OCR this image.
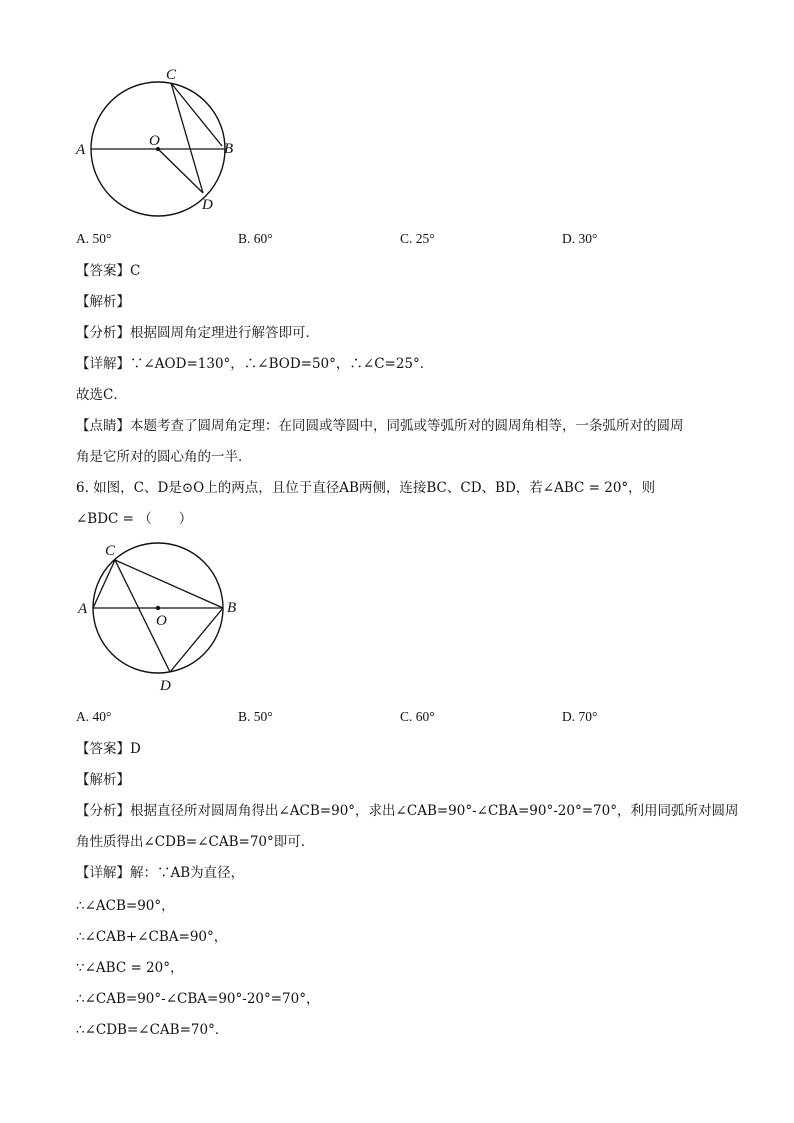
C
A
O	B
D
A. 50°	B. 60°	C. 25°	D. 30°
【答案】C
【解析】
【分析】根据圆周角定理进行解答即可．
【详解】∵∠AOD=130°，∴∠BOD=50°，∴∠C=25°．
故选C．
【点睛】本题考查了圆周角定理：在同圆或等圆中，同弧或等弧所对的圆周角相等，一条弧所对的圆周
角是它所对的圆心角的一半．
6. 如图，C、D是⊙O上的两点，且位于直径AB两侧，连接BC、CD、BD，若∠ABC = 20°，则
∠BDC = （　　）
C
A
O
B
D
A. 40°	B. 50°	C. 60°	D. 70°
【答案】D
【解析】
【分析】根据直径所对圆周角得出∠ACB=90°，求出∠CAB=90°-∠CBA=90°-20°=70°，利用同弧所对圆周
角性质得出∠CDB=∠CAB=70°即可．
【详解】解：∵AB为直径，
∴∠ACB=90°，
∴∠CAB+∠CBA=90°，
∵∠ABC = 20°，
∴∠CAB=90°-∠CBA=90°-20°=70°，
∴∠CDB=∠CAB=70°．
